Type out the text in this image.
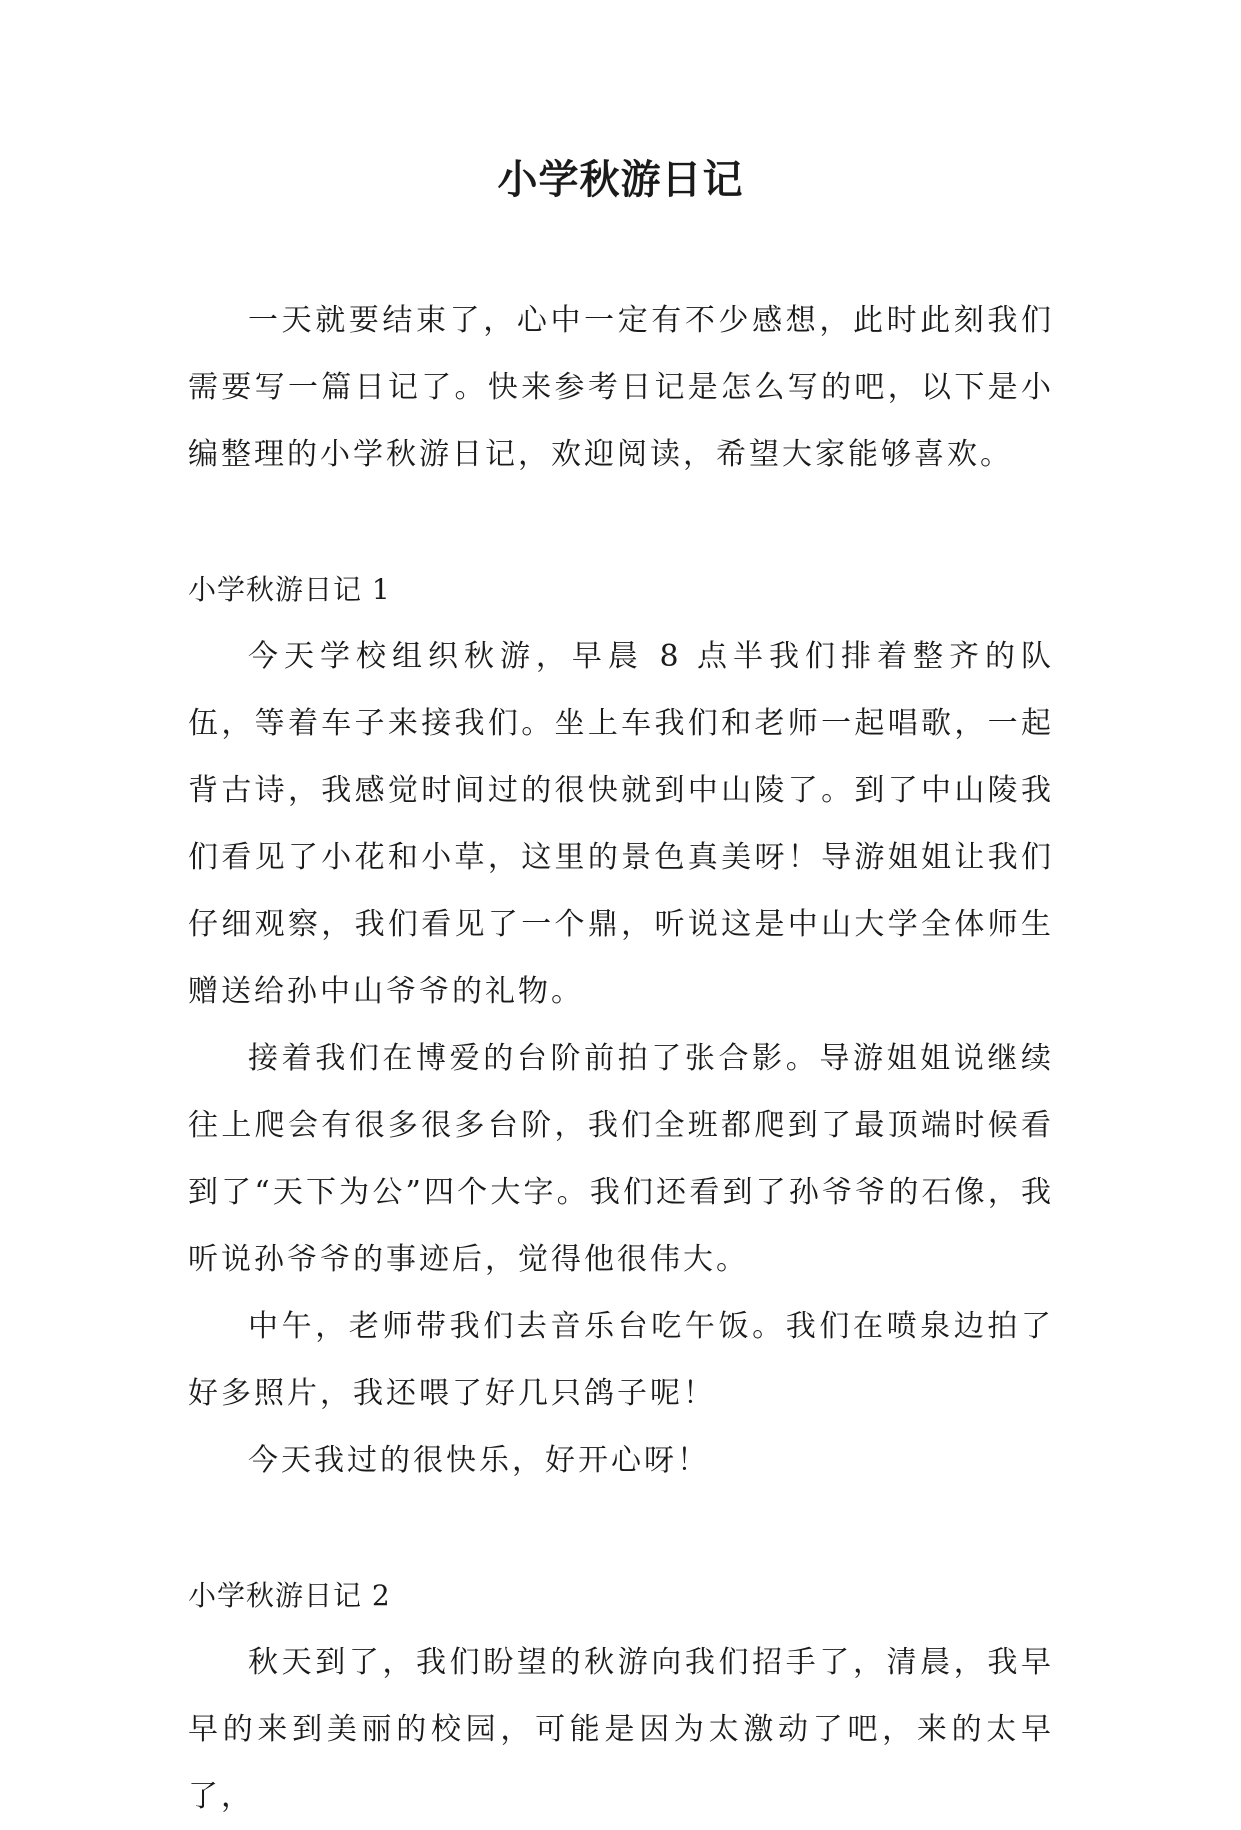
小学秋游日记

一天就要结束了，心中一定有不少感想，此时此刻我们需要写一篇日记了。快来参考日记是怎么写的吧，以下是小编整理的小学秋游日记，欢迎阅读，希望大家能够喜欢。

小学秋游日记 1

今天学校组织秋游，早晨 8 点半我们排着整齐的队伍，等着车子来接我们。坐上车我们和老师一起唱歌，一起背古诗，我感觉时间过的很快就到中山陵了。到了中山陵我们看见了小花和小草，这里的景色真美呀！导游姐姐让我们仔细观察，我们看见了一个鼎，听说这是中山大学全体师生赠送给孙中山爷爷的礼物。

接着我们在博爱的台阶前拍了张合影。导游姐姐说继续往上爬会有很多很多台阶，我们全班都爬到了最顶端时候看到了“天下为公”四个大字。我们还看到了孙爷爷的石像，我听说孙爷爷的事迹后，觉得他很伟大。

中午，老师带我们去音乐台吃午饭。我们在喷泉边拍了好多照片，我还喂了好几只鸽子呢！

今天我过的很快乐，好开心呀！

小学秋游日记 2

秋天到了，我们盼望的秋游向我们招手了，清晨，我早早的来到美丽的校园，可能是因为太激动了吧，来的太早了，
